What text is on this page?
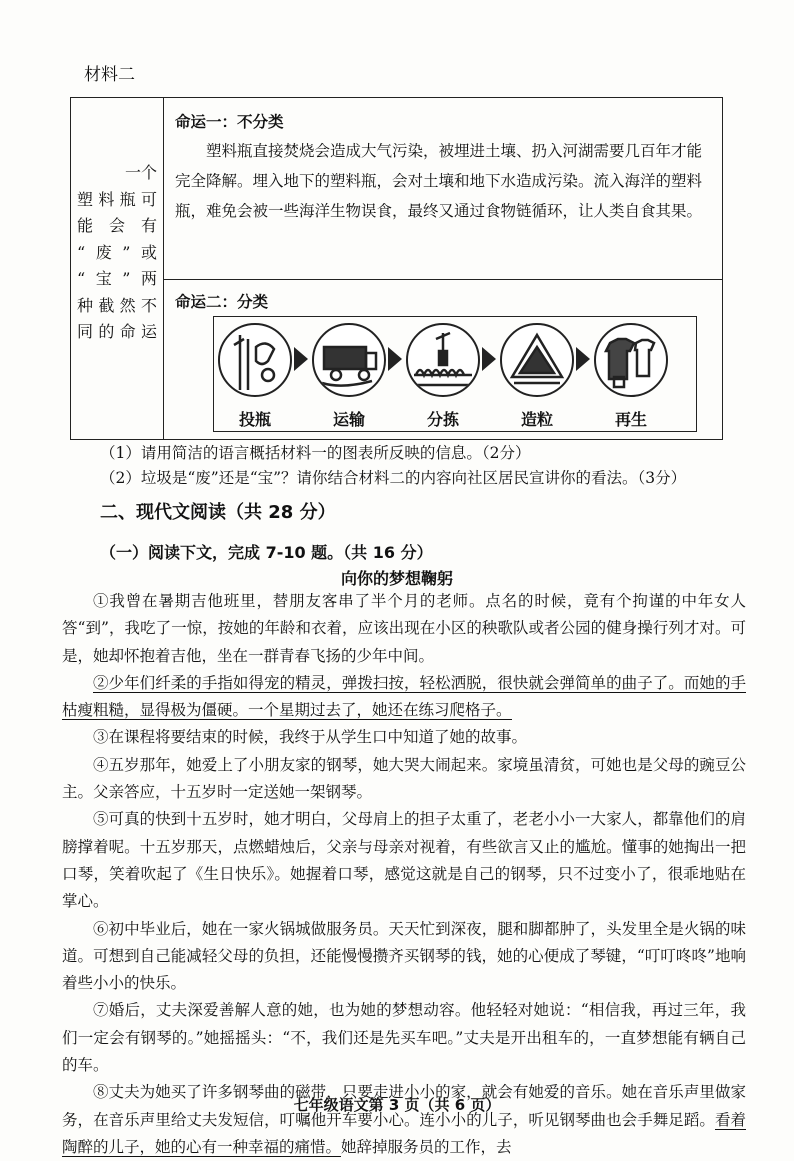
材料二
一个
塑料瓶可
能会有
“废”或
“宝”两
种截然不
同的命运
命运一：不分类
塑料瓶直接焚烧会造成大气污染，被埋进土壤、扔入河湖需要几百年才能完全降解。埋入地下的塑料瓶，会对土壤和地下水造成污染。流入海洋的塑料瓶，难免会被一些海洋生物误食，最终又通过食物链循环，让人类自食其果。
命运二：分类
投瓶	运输	分拣	造粒	再生
（1）请用简洁的语言概括材料一的图表所反映的信息。（2分）
（2）垃圾是“废”还是“宝”？请你结合材料二的内容向社区居民宣讲你的看法。（3分）
二、现代文阅读（共 28 分）
（一）阅读下文，完成 7-10 题。（共 16 分）
向你的梦想鞠躬

①我曾在暑期吉他班里，替朋友客串了半个月的老师。点名的时候，竟有个拘谨的中年女人答“到”，我吃了一惊，按她的年龄和衣着，应该出现在小区的秧歌队或者公园的健身操行列才对。可是，她却怀抱着吉他，坐在一群青春飞扬的少年中间。

②少年们纤柔的手指如得宠的精灵，弹拨扫按，轻松洒脱，很快就会弹简单的曲子了。而她的手枯瘦粗糙，显得极为僵硬。一个星期过去了，她还在练习爬格子。

③在课程将要结束的时候，我终于从学生口中知道了她的故事。

④五岁那年，她爱上了小朋友家的钢琴，她大哭大闹起来。家境虽清贫，可她也是父母的豌豆公主。父亲答应，十五岁时一定送她一架钢琴。

⑤可真的快到十五岁时，她才明白，父母肩上的担子太重了，老老小小一大家人，都靠他们的肩膀撑着呢。十五岁那天，点燃蜡烛后，父亲与母亲对视着，有些欲言又止的尴尬。懂事的她掏出一把口琴，笑着吹起了《生日快乐》。她握着口琴，感觉这就是自己的钢琴，只不过变小了，很乖地贴在掌心。

⑥初中毕业后，她在一家火锅城做服务员。天天忙到深夜，腿和脚都肿了，头发里全是火锅的味道。可想到自己能减轻父母的负担，还能慢慢攒齐买钢琴的钱，她的心便成了琴键，“叮叮咚咚”地响着些小小的快乐。

⑦婚后，丈夫深爱善解人意的她，也为她的梦想动容。他轻轻对她说：“相信我，再过三年，我们一定会有钢琴的。”她摇摇头：“不，我们还是先买车吧。”丈夫是开出租车的，一直梦想能有辆自己的车。

⑧丈夫为她买了许多钢琴曲的磁带，只要走进小小的家，就会有她爱的音乐。她在音乐声里做家务，在音乐声里给丈夫发短信，叮嘱他开车要小心。连小小的儿子，听见钢琴曲也会手舞足蹈。看着陶醉的儿子，她的心有一种幸福的痛惜。她辞掉服务员的工作，去

七年级语文第 3 页（共 6 页）
